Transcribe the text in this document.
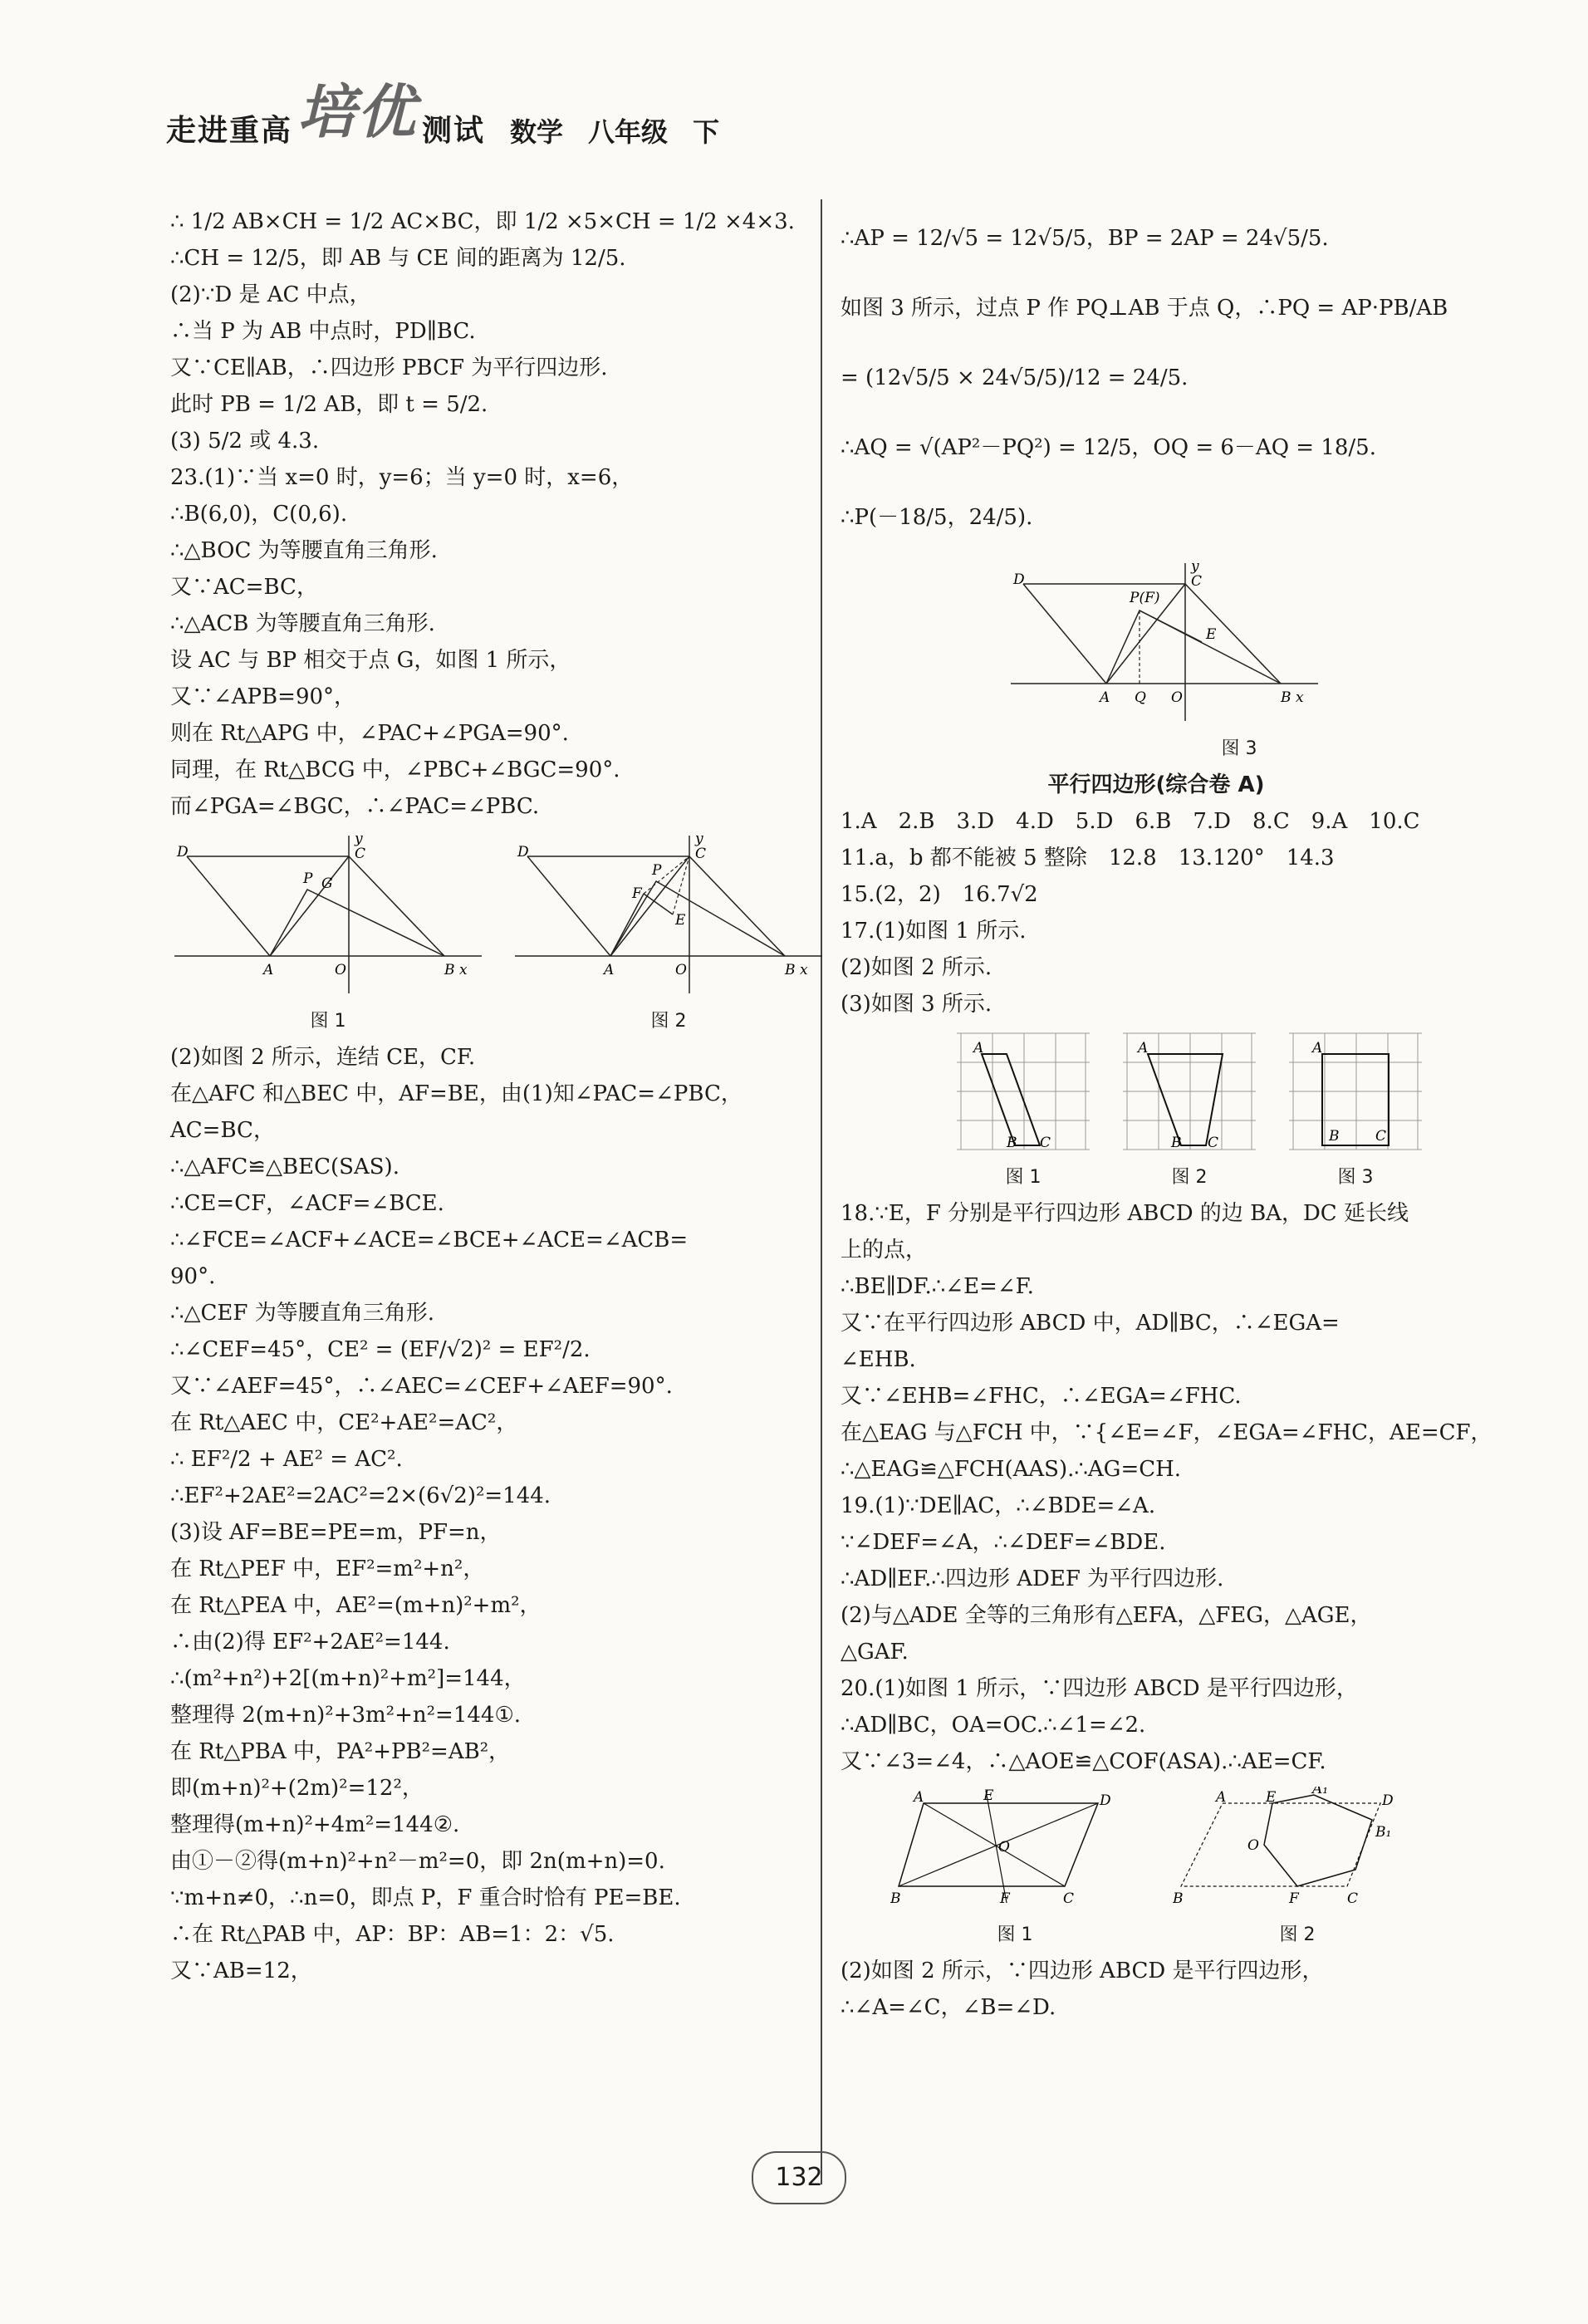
走进重高 培优 测试 数学 八年级 下
∴ 1/2 AB×CH = 1/2 AC×BC，即 1/2 ×5×CH = 1/2 ×4×3.
∴CH = 12/5，即 AB 与 CE 间的距离为 12/5.
(2)∵D 是 AC 中点，
∴当 P 为 AB 中点时，PD∥BC.
又∵CE∥AB，∴四边形 PBCF 为平行四边形.
此时 PB = 1/2 AB，即 t = 5/2.
(3) 5/2 或 4.3.
23.(1)∵当 x=0 时，y=6；当 y=0 时，x=6，
∴B(6,0)，C(0,6).
∴△BOC 为等腰直角三角形.
又∵AC=BC，
∴△ACB 为等腰直角三角形.
设 AC 与 BP 相交于点 G，如图 1 所示，
又∵∠APB=90°，
则在 Rt△APG 中，∠PAC+∠PGA=90°.
同理，在 Rt△BCG 中，∠PBC+∠BGC=90°.
而∠PGA=∠BGC，∴∠PAC=∠PBC.
D	C
P G
A	O	B x
y
图 1
D	C
P
F
E
A	O	B x
y
图 2
(2)如图 2 所示，连结 CE，CF.
在△AFC 和△BEC 中，AF=BE，由(1)知∠PAC=∠PBC，
AC=BC，
∴△AFC≌△BEC(SAS).
∴CE=CF，∠ACF=∠BCE.
∴∠FCE=∠ACF+∠ACE=∠BCE+∠ACE=∠ACB=
90°.
∴△CEF 为等腰直角三角形.
∴∠CEF=45°，CE² = (EF/√2)² = EF²/2.
又∵∠AEF=45°，∴∠AEC=∠CEF+∠AEF=90°.
在 Rt△AEC 中，CE²+AE²=AC²，
∴ EF²/2 + AE² = AC².
∴EF²+2AE²=2AC²=2×(6√2)²=144.
(3)设 AF=BE=PE=m，PF=n，
在 Rt△PEF 中，EF²=m²+n²，
在 Rt△PEA 中，AE²=(m+n)²+m²，
∴由(2)得 EF²+2AE²=144.
∴(m²+n²)+2[(m+n)²+m²]=144，
整理得 2(m+n)²+3m²+n²=144①.
在 Rt△PBA 中，PA²+PB²=AB²，
即(m+n)²+(2m)²=12²，
整理得(m+n)²+4m²=144②.
由①－②得(m+n)²+n²－m²=0，即 2n(m+n)=0.
∵m+n≠0，∴n=0，即点 P，F 重合时恰有 PE=BE.
∴在 Rt△PAB 中，AP：BP：AB=1：2：√5.
又∵AB=12，
∴AP = 12/√5 = 12√5/5，BP = 2AP = 24√5/5.
如图 3 所示，过点 P 作 PQ⊥AB 于点 Q，∴PQ = AP·PB/AB
= (12√5/5 × 24√5/5)/12 = 24/5.
∴AQ = √(AP²－PQ²) = 12/5，OQ = 6－AQ = 18/5.
∴P(－18/5，24/5).
D	C
P(F)
E
A Q O	B x
y
图 3
平行四边形(综合卷 A)
1.A　2.B　3.D　4.D　5.D　6.B　7.D　8.C　9.A　10.C
11.a，b 都不能被 5 整除　12.8　13.120°　14.3
15.(2，2)　16.7√2
17.(1)如图 1 所示.
(2)如图 2 所示.
(3)如图 3 所示.
A
B C
图 1
A
B C
图 2
A
B	C
图 3
18.∵E，F 分别是平行四边形 ABCD 的边 BA，DC 延长线
上的点，
∴BE∥DF.∴∠E=∠F.
又∵在平行四边形 ABCD 中，AD∥BC，∴∠EGA=
∠EHB.
又∵∠EHB=∠FHC，∴∠EGA=∠FHC.
在△EAG 与△FCH 中，∵{∠E=∠F，∠EGA=∠FHC，AE=CF，
∴△EAG≌△FCH(AAS).∴AG=CH.
19.(1)∵DE∥AC，∴∠BDE=∠A.
∵∠DEF=∠A，∴∠DEF=∠BDE.
∴AD∥EF.∴四边形 ADEF 为平行四边形.
(2)与△ADE 全等的三角形有△EFA，△FEG，△AGE，
△GAF.
20.(1)如图 1 所示，∵四边形 ABCD 是平行四边形，
∴AD∥BC，OA=OC.∴∠1=∠2.
又∵∠3=∠4，∴△AOE≌△COF(ASA).∴AE=CF.
A	E	D
B	F	C
O
图 1
A	E	A₁
D
B	F	C
O
B₁
图 2
(2)如图 2 所示，∵四边形 ABCD 是平行四边形，
∴∠A=∠C，∠B=∠D.
132
